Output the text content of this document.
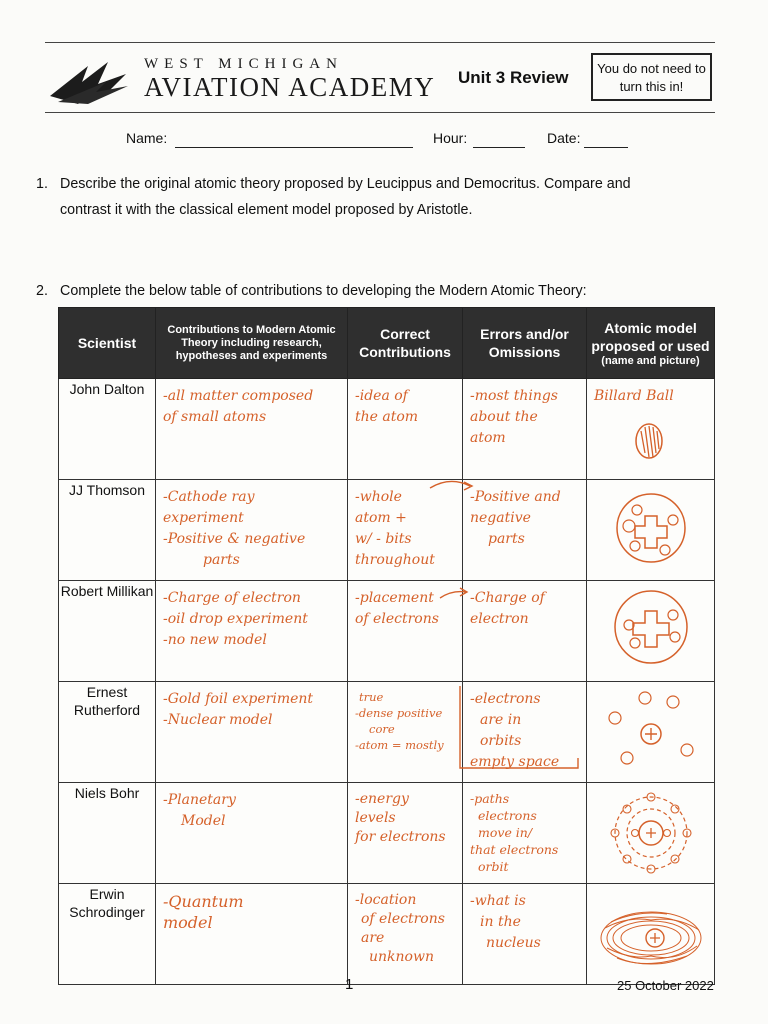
WEST MICHIGAN
AVIATION ACADEMY Unit 3 Review	You do not need to turn this in!
Name:	Hour:	Date:
1. Describe the original atomic theory proposed by Leucippus and Democritus. Compare and
contrast it with the classical element model proposed by Aristotle.
2. Complete the below table of contributions to developing the Modern Atomic Theory:
Scientist	Contributions to Modern Atomic Theory including research, hypotheses and experiments	Correct Contributions	Errors and/or Omissions	Atomic model proposed or used
(name and picture)

John Dalton	-all matter composed
of small atoms	-idea of
the atom	-most things
about the
atom	Billard Ball

JJ Thomson	-Cathode ray
experiment
-Positive & negative
parts	-whole
atom +
w/ - bits
throughout	-Positive and
negative
parts

Robert Millikan	-Charge of electron
-oil drop experiment
-no new model	-placement
of electrons	-Charge of
electron

Ernest Rutherford	-Gold foil experiment
-Nuclear model	true
-dense positive
core
-atom = mostly	-electrons
are in
orbits
empty space

Niels Bohr	-Planetary
Model	-energy
levels
for electrons	-paths
electrons
move in/
that electrons
orbit

Erwin Schrodinger	-Quantum
model	-location
of electrons
are
unknown	-what is
in the
nucleus

1	25 October 2022
